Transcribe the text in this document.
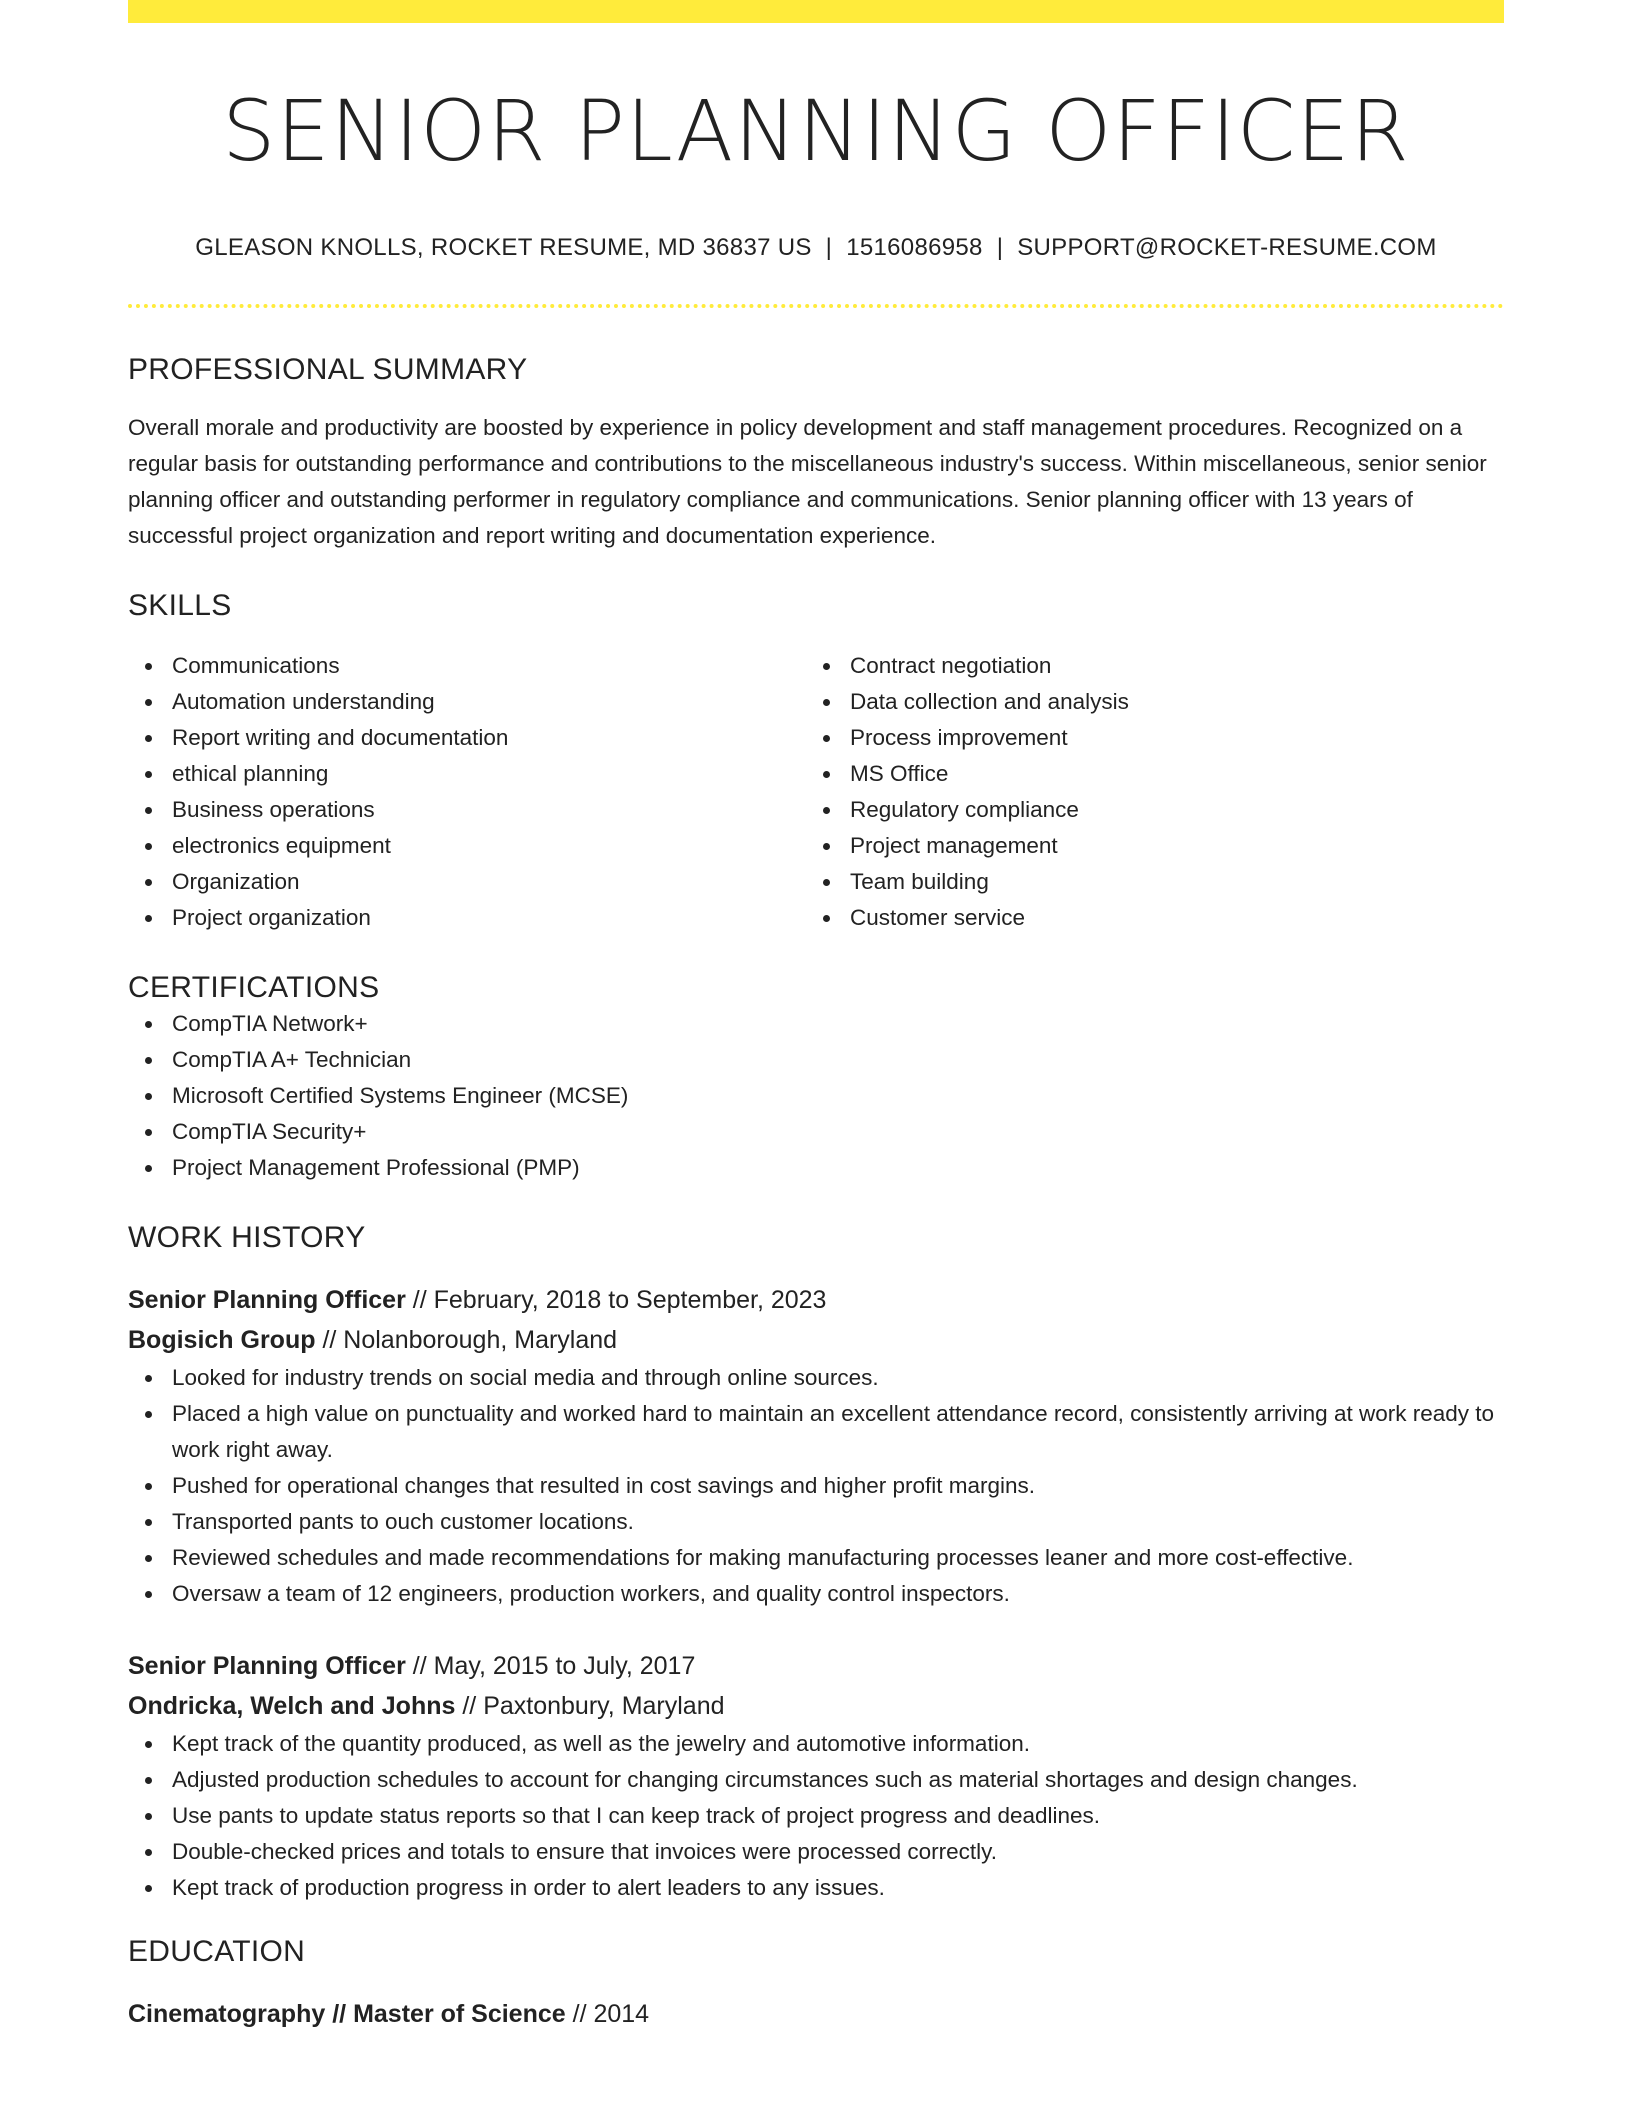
SENIOR PLANNING OFFICER
GLEASON KNOLLS, ROCKET RESUME, MD 36837 US | 1516086958 | SUPPORT@ROCKET-RESUME.COM
PROFESSIONAL SUMMARY

Overall morale and productivity are boosted by experience in policy development and staff management procedures. Recognized on a regular basis for outstanding performance and contributions to the miscellaneous industry's success. Within miscellaneous, senior senior planning officer and outstanding performer in regulatory compliance and communications. Senior planning officer with 13 years of successful project organization and report writing and documentation experience.

SKILLS
Communications
Automation understanding
Report writing and documentation
ethical planning
Business operations
electronics equipment
Organization
Project organization
Contract negotiation
Data collection and analysis
Process improvement
MS Office
Regulatory compliance
Project management
Team building
Customer service
CERTIFICATIONS
CompTIA Network+
CompTIA A+ Technician
Microsoft Certified Systems Engineer (MCSE)
CompTIA Security+
Project Management Professional (PMP)
WORK HISTORY
Senior Planning Officer // February, 2018 to September, 2023
Bogisich Group // Nolanborough, Maryland
Looked for industry trends on social media and through online sources.
Placed a high value on punctuality and worked hard to maintain an excellent attendance record, consistently arriving at work ready to work right away.
Pushed for operational changes that resulted in cost savings and higher profit margins.
Transported pants to ouch customer locations.
Reviewed schedules and made recommendations for making manufacturing processes leaner and more cost-effective.
Oversaw a team of 12 engineers, production workers, and quality control inspectors.
Senior Planning Officer // May, 2015 to July, 2017
Ondricka, Welch and Johns // Paxtonbury, Maryland
Kept track of the quantity produced, as well as the jewelry and automotive information.
Adjusted production schedules to account for changing circumstances such as material shortages and design changes.
Use pants to update status reports so that I can keep track of project progress and deadlines.
Double-checked prices and totals to ensure that invoices were processed correctly.
Kept track of production progress in order to alert leaders to any issues.
EDUCATION
Cinematography // Master of Science // 2014
